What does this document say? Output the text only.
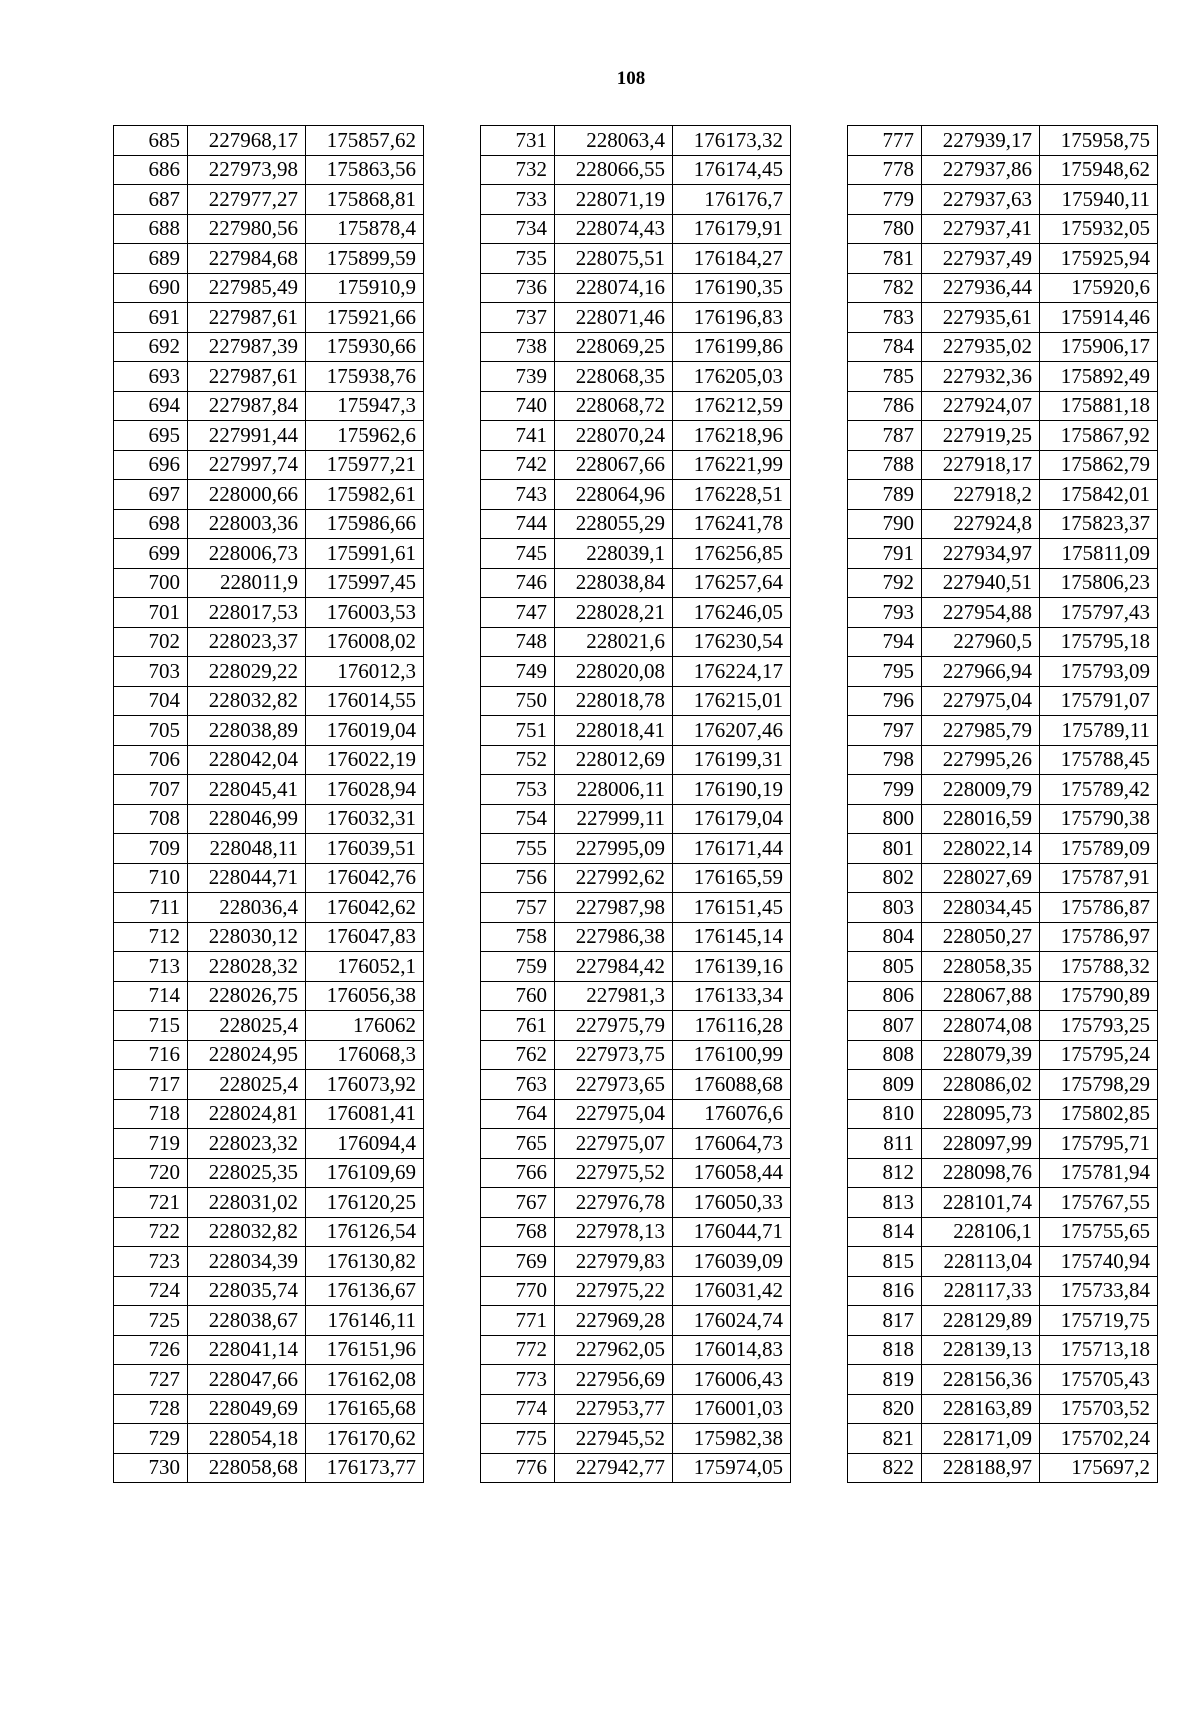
108
685	227968,17	175857,62
686	227973,98	175863,56
687	227977,27	175868,81
688	227980,56	175878,4
689	227984,68	175899,59
690	227985,49	175910,9
691	227987,61	175921,66
692	227987,39	175930,66
693	227987,61	175938,76
694	227987,84	175947,3
695	227991,44	175962,6
696	227997,74	175977,21
697	228000,66	175982,61
698	228003,36	175986,66
699	228006,73	175991,61
700	228011,9	175997,45
701	228017,53	176003,53
702	228023,37	176008,02
703	228029,22	176012,3
704	228032,82	176014,55
705	228038,89	176019,04
706	228042,04	176022,19
707	228045,41	176028,94
708	228046,99	176032,31
709	228048,11	176039,51
710	228044,71	176042,76
711	228036,4	176042,62
712	228030,12	176047,83
713	228028,32	176052,1
714	228026,75	176056,38
715	228025,4	176062
716	228024,95	176068,3
717	228025,4	176073,92
718	228024,81	176081,41
719	228023,32	176094,4
720	228025,35	176109,69
721	228031,02	176120,25
722	228032,82	176126,54
723	228034,39	176130,82
724	228035,74	176136,67
725	228038,67	176146,11
726	228041,14	176151,96
727	228047,66	176162,08
728	228049,69	176165,68
729	228054,18	176170,62
730	228058,68	176173,77
731	228063,4	176173,32
732	228066,55	176174,45
733	228071,19	176176,7
734	228074,43	176179,91
735	228075,51	176184,27
736	228074,16	176190,35
737	228071,46	176196,83
738	228069,25	176199,86
739	228068,35	176205,03
740	228068,72	176212,59
741	228070,24	176218,96
742	228067,66	176221,99
743	228064,96	176228,51
744	228055,29	176241,78
745	228039,1	176256,85
746	228038,84	176257,64
747	228028,21	176246,05
748	228021,6	176230,54
749	228020,08	176224,17
750	228018,78	176215,01
751	228018,41	176207,46
752	228012,69	176199,31
753	228006,11	176190,19
754	227999,11	176179,04
755	227995,09	176171,44
756	227992,62	176165,59
757	227987,98	176151,45
758	227986,38	176145,14
759	227984,42	176139,16
760	227981,3	176133,34
761	227975,79	176116,28
762	227973,75	176100,99
763	227973,65	176088,68
764	227975,04	176076,6
765	227975,07	176064,73
766	227975,52	176058,44
767	227976,78	176050,33
768	227978,13	176044,71
769	227979,83	176039,09
770	227975,22	176031,42
771	227969,28	176024,74
772	227962,05	176014,83
773	227956,69	176006,43
774	227953,77	176001,03
775	227945,52	175982,38
776	227942,77	175974,05
777	227939,17	175958,75
778	227937,86	175948,62
779	227937,63	175940,11
780	227937,41	175932,05
781	227937,49	175925,94
782	227936,44	175920,6
783	227935,61	175914,46
784	227935,02	175906,17
785	227932,36	175892,49
786	227924,07	175881,18
787	227919,25	175867,92
788	227918,17	175862,79
789	227918,2	175842,01
790	227924,8	175823,37
791	227934,97	175811,09
792	227940,51	175806,23
793	227954,88	175797,43
794	227960,5	175795,18
795	227966,94	175793,09
796	227975,04	175791,07
797	227985,79	175789,11
798	227995,26	175788,45
799	228009,79	175789,42
800	228016,59	175790,38
801	228022,14	175789,09
802	228027,69	175787,91
803	228034,45	175786,87
804	228050,27	175786,97
805	228058,35	175788,32
806	228067,88	175790,89
807	228074,08	175793,25
808	228079,39	175795,24
809	228086,02	175798,29
810	228095,73	175802,85
811	228097,99	175795,71
812	228098,76	175781,94
813	228101,74	175767,55
814	228106,1	175755,65
815	228113,04	175740,94
816	228117,33	175733,84
817	228129,89	175719,75
818	228139,13	175713,18
819	228156,36	175705,43
820	228163,89	175703,52
821	228171,09	175702,24
822	228188,97	175697,2
